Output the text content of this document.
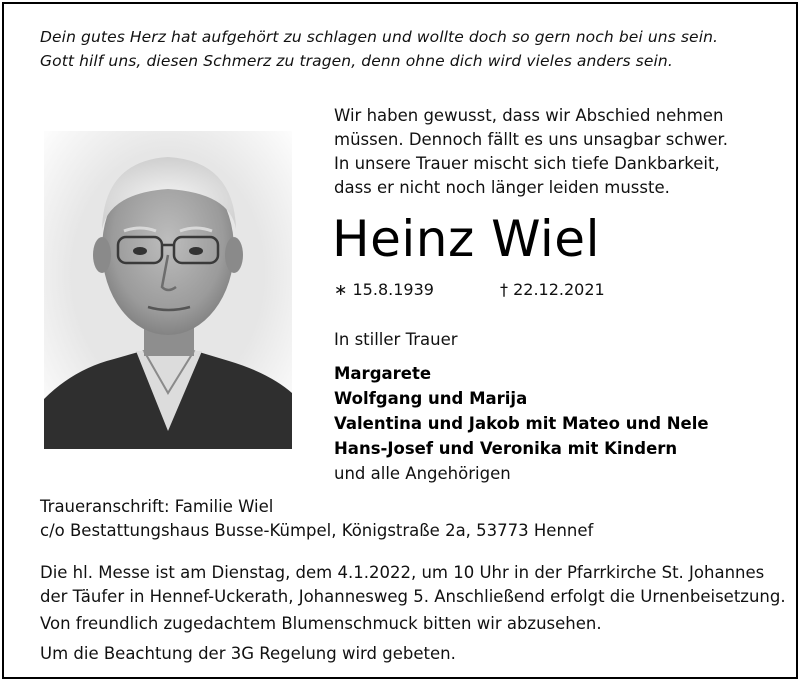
Dein gutes Herz hat aufgehört zu schlagen und wollte doch so gern noch bei uns sein.
Gott hilf uns, diesen Schmerz zu tragen, denn ohne dich wird vieles anders sein.
Wir haben gewusst, dass wir Abschied nehmen
müssen. Dennoch fällt es uns unsagbar schwer.
In unsere Trauer mischt sich tiefe Dankbarkeit,
dass er nicht noch länger leiden musste.
Heinz Wiel
∗ 15.8.1939	† 22.12.2021
In stiller Trauer
Margarete
Wolfgang und Marija
Valentina und Jakob mit Mateo und Nele
Hans-Josef und Veronika mit Kindern
und alle Angehörigen
Traueranschrift: Familie Wiel
c/o Bestattungshaus Busse-Kümpel, Königstraße 2a, 53773 Hennef
Die hl. Messe ist am Dienstag, dem 4.1.2022, um 10 Uhr in der Pfarrkirche St. Johannes
der Täufer in Hennef-Uckerath, Johannesweg 5. Anschließend erfolgt die Urnenbeisetzung.
Von freundlich zugedachtem Blumenschmuck bitten wir abzusehen.
Um die Beachtung der 3G Regelung wird gebeten.
